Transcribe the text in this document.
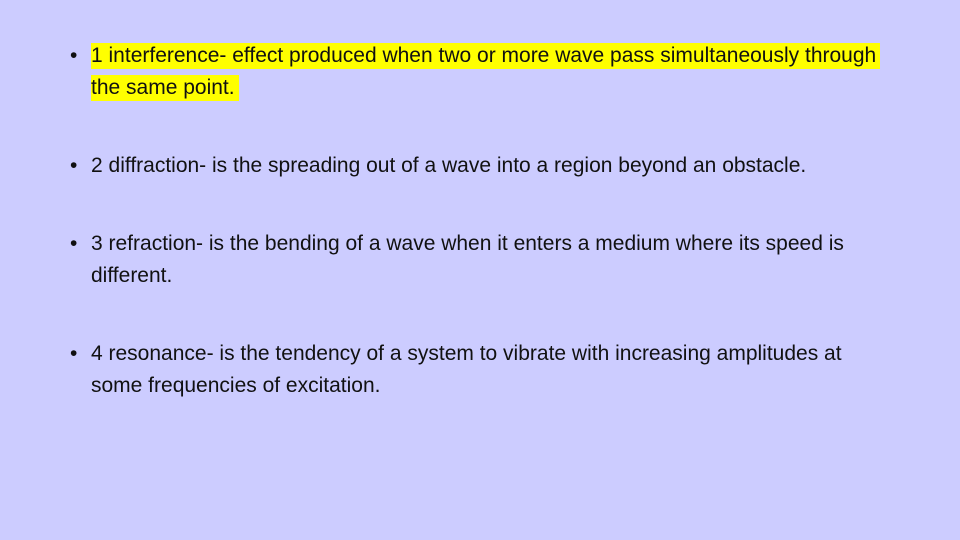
• 1 interference- effect produced when two or more wave pass simultaneously through the same point.
• 2 diffraction- is the spreading out of a wave into a region beyond an obstacle.
• 3 refraction- is the bending of a wave when it enters a medium where its speed is different.
• 4 resonance- is the tendency of a system to vibrate with increasing amplitudes at some frequencies of excitation.
